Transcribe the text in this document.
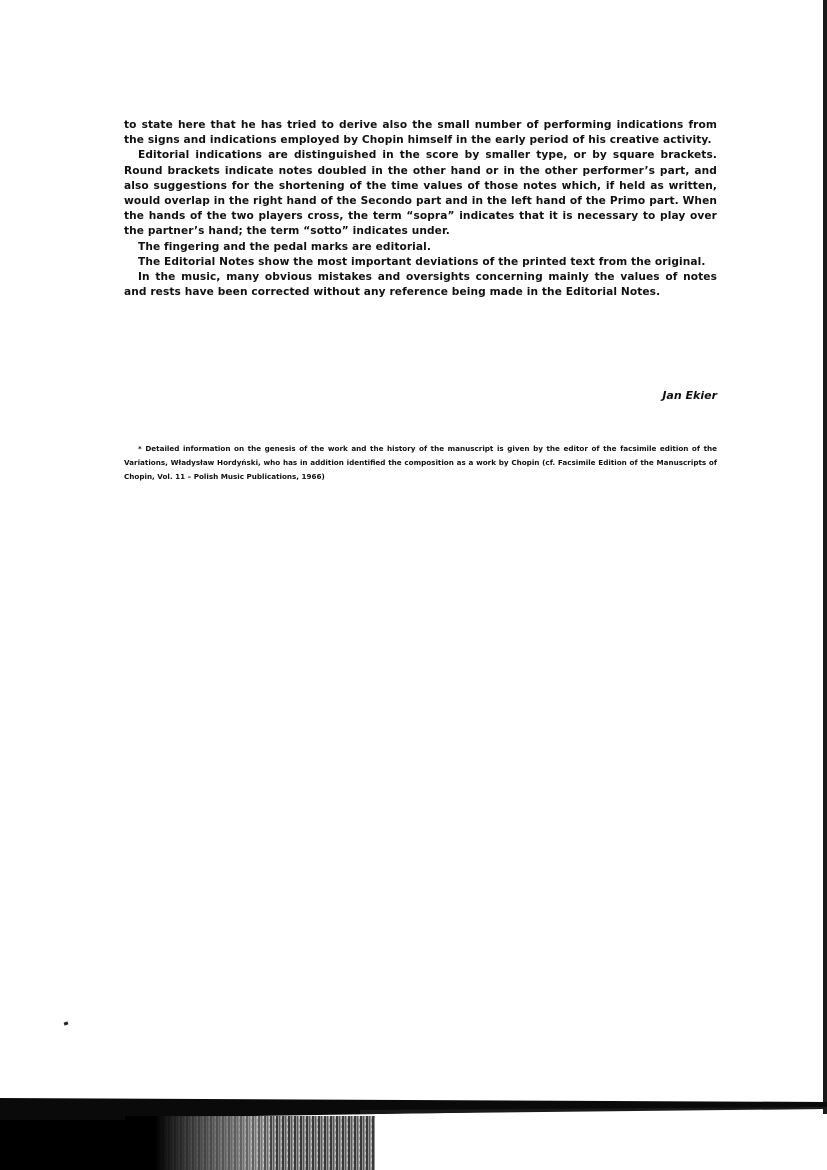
to state here that he has tried to derive also the small number of performing indications from the signs and indications employed by Chopin himself in the early period of his creative activity.

Editorial indications are distinguished in the score by smaller type, or by square brackets. Round brackets indicate notes doubled in the other hand or in the other performer’s part, and also suggestions for the shortening of the time values of those notes which, if held as written, would overlap in the right hand of the Secondo part and in the left hand of the Primo part. When the hands of the two players cross, the term “sopra” indicates that it is necessary to play over the partner’s hand; the term “sotto” indicates under.

The fingering and the pedal marks are editorial.

The Editorial Notes show the most important deviations of the printed text from the original.

In the music, many obvious mistakes and oversights concerning mainly the values of notes and rests have been corrected without any reference being made in the Editorial Notes.

Jan Ekier
* Detailed information on the genesis of the work and the history of the manuscript is given by the editor of the facsimile edition of the Variations, Władysław Hordyński, who has in addition identified the composition as a work by Chopin (cf. Facsimile Edition of the Manuscripts of Chopin, Vol. 11 – Polish Music Publications, 1966)
